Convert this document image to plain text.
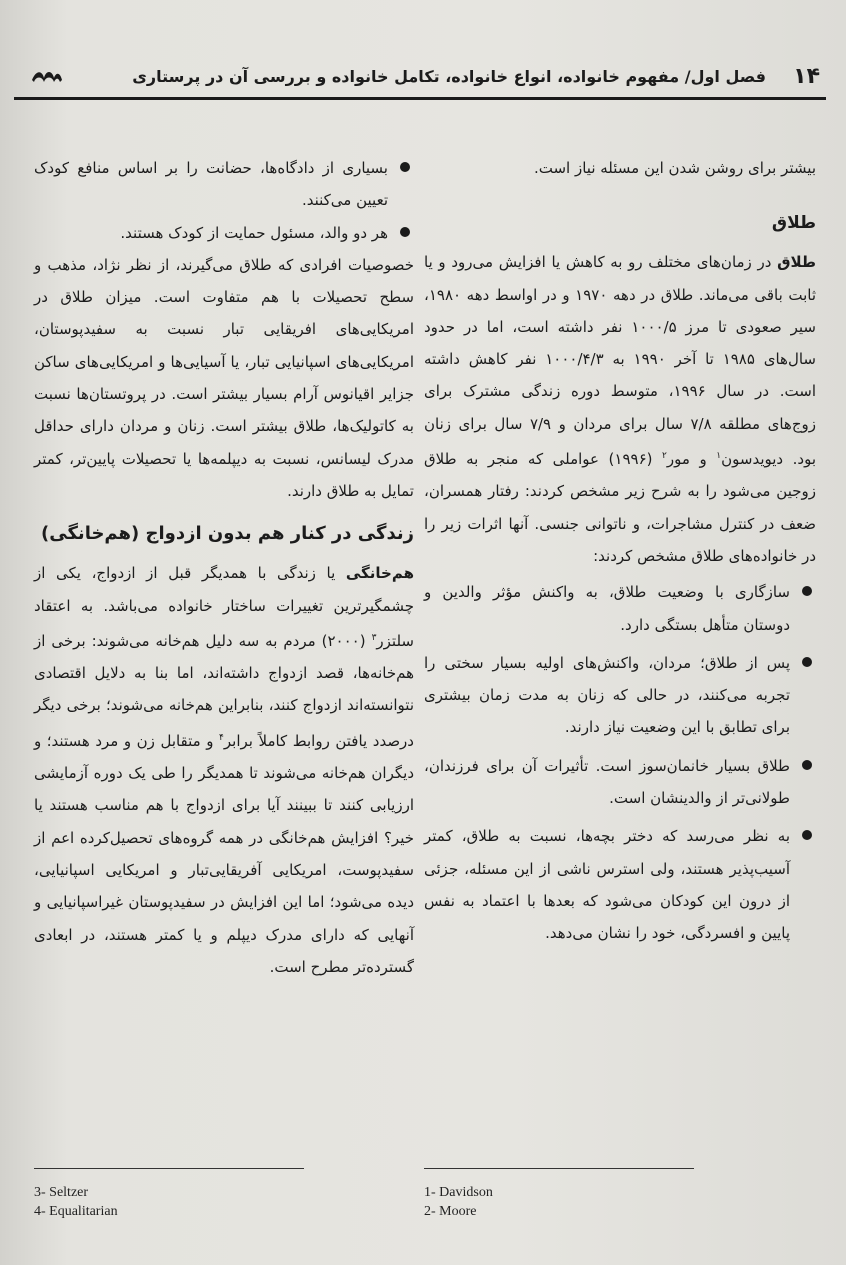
۱۴
فصل اول/ مفهوم خانواده، انواع خانواده، تکامل خانواده و بررسی آن در پرستاری

بیشتر برای روشن شدن این مسئله نیاز است.

طلاق

طلاق در زمان‌های مختلف رو به کاهش یا افزایش می‌رود و یا ثابت باقی می‌ماند. طلاق در دهه ۱۹۷۰ و در اواسط دهه ۱۹۸۰، سیر صعودی تا مرز ۱۰۰۰/۵ نفر داشته است، اما در حدود سال‌های ۱۹۸۵ تا آخر ۱۹۹۰ به ۱۰۰۰/۴/۳ نفر کاهش داشته است. در سال ۱۹۹۶، متوسط دوره زندگی مشترک برای زوج‌های مطلقه ۷/۸ سال برای مردان و ۷/۹ سال برای زنان بود. دیویدسون$^۱$ و مور$^۲$ (۱۹۹۶) عواملی که منجر به طلاق زوجین می‌شود را به شرح زیر مشخص کردند: رفتار همسران، ضعف در کنترل مشاجرات، و ناتوانی جنسی. آنها اثرات زیر را در خانواده‌های طلاق مشخص کردند:

سازگاری با وضعیت طلاق، به واکنش مؤثر والدین و دوستان متأهل بستگی دارد.
پس از طلاق؛ مردان، واکنش‌های اولیه بسیار سختی را تجربه می‌کنند، در حالی که زنان به مدت زمان بیشتری برای تطابق با این وضعیت نیاز دارند.
طلاق بسیار خانمان‌سوز است. تأثیرات آن برای فرزندان، طولانی‌تر از والدینشان است.
به نظر می‌رسد که دختر بچه‌ها، نسبت به طلاق، کمتر آسیب‌پذیر هستند، ولی استرس ناشی از این مسئله، جزئی از درون این کودکان می‌شود که بعدها با اعتماد به نفس پایین و افسردگی، خود را نشان می‌دهد.
بسیاری از دادگاه‌ها، حضانت را بر اساس منافع کودک تعیین می‌کنند.
هر دو والد، مسئول حمایت از کودک هستند.

خصوصیات افرادی که طلاق می‌گیرند، از نظر نژاد، مذهب و سطح تحصیلات با هم متفاوت است. میزان طلاق در امریکایی‌های افریقایی تبار نسبت به سفیدپوستان، امریکایی‌های اسپانیایی تبار، یا آسیایی‌ها و امریکایی‌های ساکن جزایر اقیانوس آرام بسیار بیشتر است. در پروتستان‌ها نسبت به کاتولیک‌ها، طلاق بیشتر است. زنان و مردان دارای حداقل مدرک لیسانس، نسبت به دیپلمه‌ها یا تحصیلات پایین‌تر، کمتر تمایل به طلاق دارند.

زندگی در کنار هم بدون ازدواج (هم‌خانگی)

هم‌خانگی یا زندگی با همدیگر قبل از ازدواج، یکی از چشمگیرترین تغییرات ساختار خانواده می‌باشد. به اعتقاد سلتزر$^۳$ (۲۰۰۰) مردم به سه دلیل هم‌خانه می‌شوند: برخی از هم‌خانه‌ها، قصد ازدواج داشته‌اند، اما بنا به دلایل اقتصادی نتوانسته‌اند ازدواج کنند، بنابراین هم‌خانه می‌شوند؛ برخی دیگر درصدد یافتن روابط کاملاً برابر$^۴$ و متقابل زن و مرد هستند؛ و دیگران هم‌خانه می‌شوند تا همدیگر را طی یک دوره آزمایشی ارزیابی کنند تا ببینند آیا برای ازدواج با هم مناسب هستند یا خیر؟ افزایش هم‌خانگی در همه گروه‌های تحصیل‌کرده اعم از سفیدپوست، امریکایی آفریقایی‌تبار و امریکایی اسپانیایی، دیده می‌شود؛ اما این افزایش در سفیدپوستان غیراسپانیایی و آنهایی که دارای مدرک دیپلم و یا کمتر هستند، در ابعادی گسترده‌تر مطرح است.

3- Seltzer
4- Equalitarian
1- Davidson
2- Moore
